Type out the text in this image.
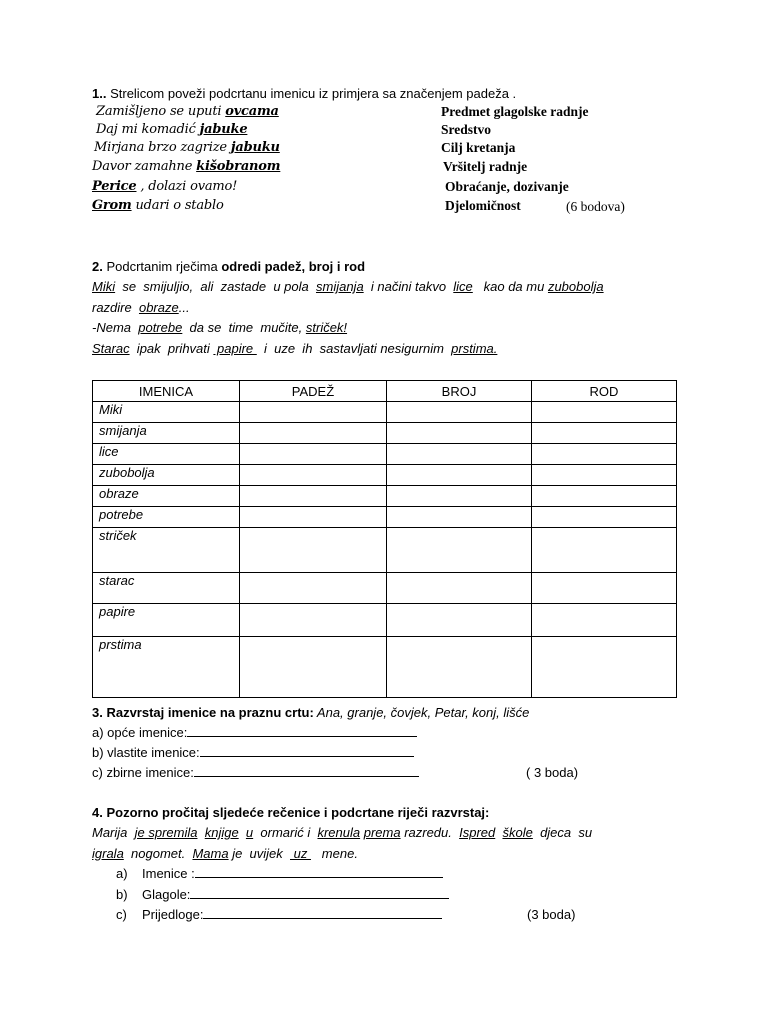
1.. Strelicom poveži podcrtanu imenicu iz primjera sa značenjem padeža .
Zamišljeno se uputi ovcama
Daj mi komadić jabuke
Mirjana brzo zagrize jabuku
Davor zamahne kišobranom
Perice , dolazi ovamo!
Grom udari o stablo
Predmet glagolske radnje
Sredstvo
Cilj kretanja
Vršitelj radnje
Obraćanje, dozivanje
Djelomičnost	(6 bodova)
2. Podcrtanim rječima odredi padež, broj i rod
Miki  se  smijuljio,  ali  zastade  u pola  smijanja  i načini takvo  lice   kao da mu zubobolja
razdire  obraze...
-Nema  potrebe  da se  time  mučite, striček!
Starac  ipak  prihvati  papire   i  uze  ih  sastavljati nesigurnim  prstima.
IMENICA	PADEŽ	BROJ	ROD
Miki			
smijanja			
lice			
zubobolja			
obraze			
potrebe			
striček			
starac			
papire			
prstima			
3. Razvrstaj imenice na praznu crtu: Ana, granje, čovjek, Petar, konj, lišće
a) opće imenice:
b) vlastite imenice:
c) zbirne imenice:	( 3 boda)
4. Pozorno pročitaj sljedeće rečenice i podcrtane riječi razvrstaj:
Marija  je spremila knjige u  ormarić i  krenula prema razredu.  Ispred škole  djeca  su
igrala  nogomet.  Mama je  uvijek   uz    mene.
a) Imenice :
b) Glagole:
c) Prijedloge:	(3 boda)
